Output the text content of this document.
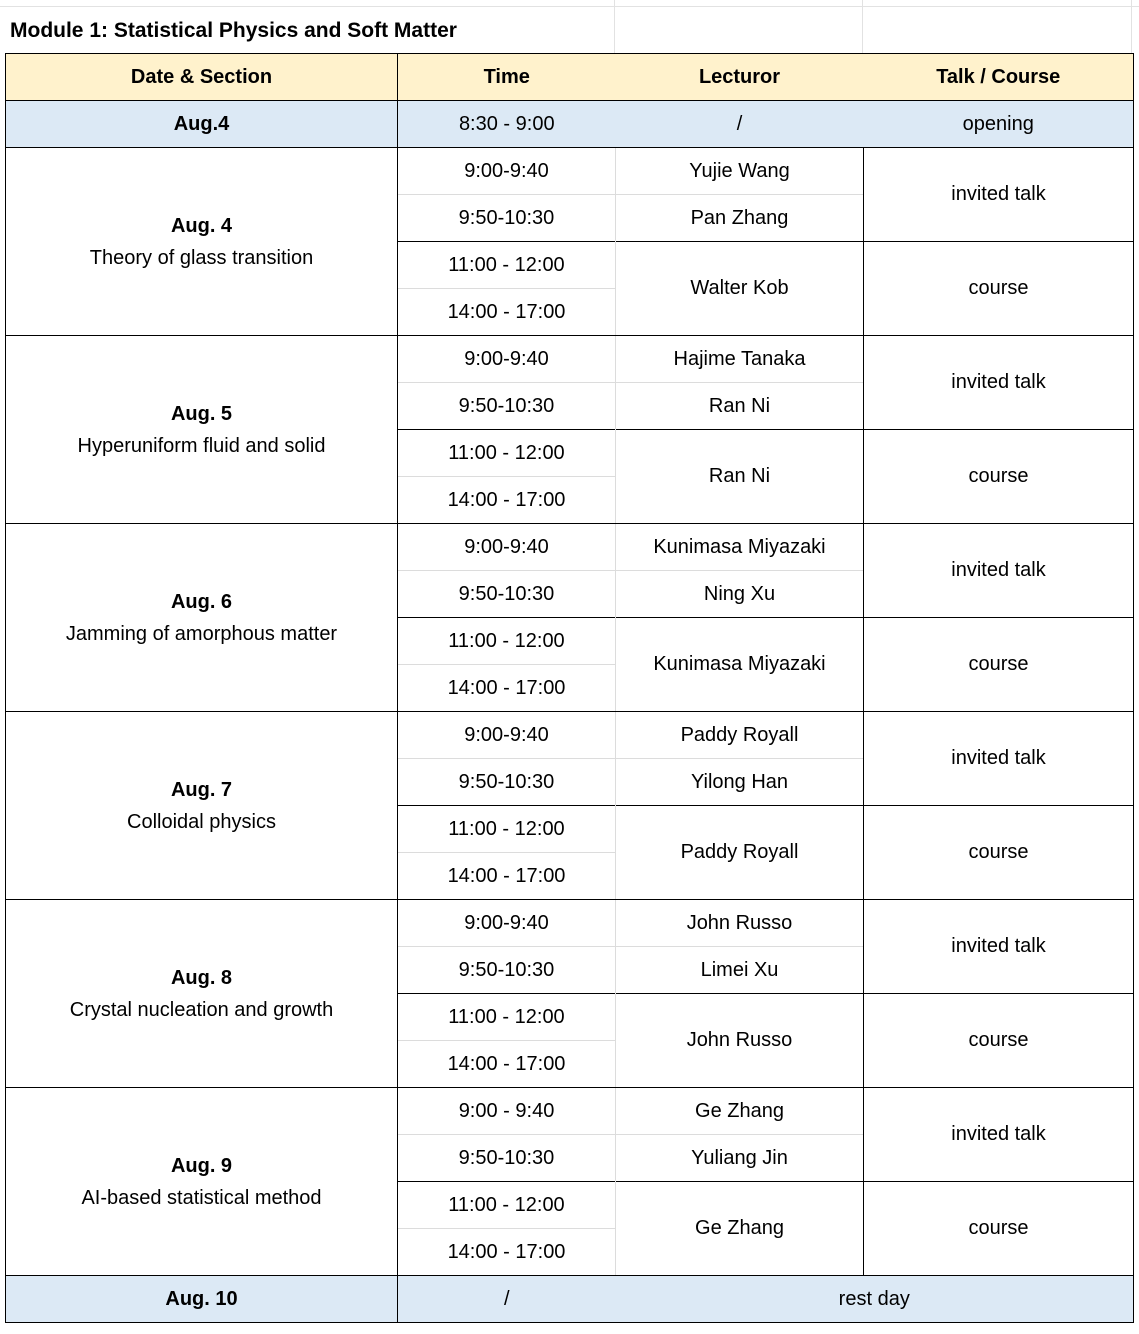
Module 1: Statistical Physics and Soft Matter
Date & Section	Time	Lecturor	Talk / Course
Aug.4	8:30 - 9:00	/	opening

Aug. 4
Theory of glass transition	9:00-9:40	Yujie Wang	invited talk
	9:50-10:30	Pan Zhang	
	11:00 - 12:00	Walter Kob	course
	14:00 - 17:00		

Aug. 5
Hyperuniform fluid and solid	9:00-9:40	Hajime Tanaka	invited talk
	9:50-10:30	Ran Ni	
	11:00 - 12:00	Ran Ni	course
	14:00 - 17:00		

Aug. 6
Jamming of amorphous matter	9:00-9:40	Kunimasa Miyazaki	invited talk
	9:50-10:30	Ning Xu	
	11:00 - 12:00	Kunimasa Miyazaki	course
	14:00 - 17:00		

Aug. 7
Colloidal physics	9:00-9:40	Paddy Royall	invited talk
	9:50-10:30	Yilong Han	
	11:00 - 12:00	Paddy Royall	course
	14:00 - 17:00		

Aug. 8
Crystal nucleation and growth	9:00-9:40	John Russo	invited talk
	9:50-10:30	Limei Xu	
	11:00 - 12:00	John Russo	course
	14:00 - 17:00		

Aug. 9
AI-based statistical method	9:00 - 9:40	Ge Zhang	invited talk
	9:50-10:30	Yuliang Jin	
	11:00 - 12:00	Ge Zhang	course
	14:00 - 17:00		
Aug. 10	/	rest day	
